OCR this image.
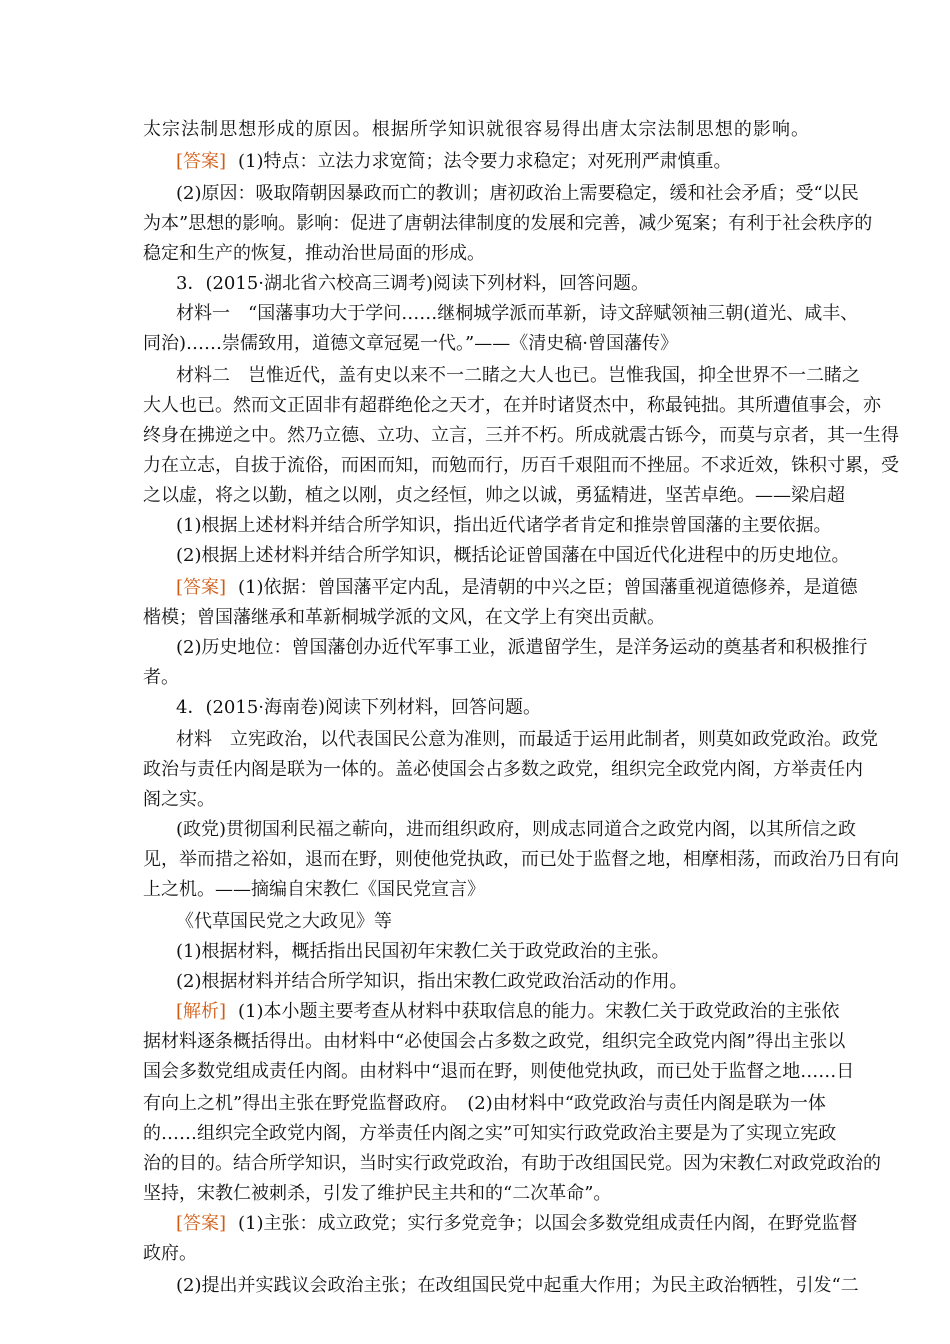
太宗法制思想形成的原因。根据所学知识就很容易得出唐太宗法制思想的影响。
[答案] (1)特点：立法力求宽简；法令要力求稳定；对死刑严肃慎重。
(2)原因：吸取隋朝因暴政而亡的教训；唐初政治上需要稳定，缓和社会矛盾；受“以民
为本”思想的影响。影响：促进了唐朝法律制度的发展和完善，减少冤案；有利于社会秩序的
稳定和生产的恢复，推动治世局面的形成。
3．(2015·湖北省六校高三调考)阅读下列材料，回答问题。
材料一　“国藩事功大于学问……继桐城学派而革新，诗文辞赋领袖三朝(道光、咸丰、
同治)……崇儒致用，道德文章冠冕一代。”——《清史稿·曾国藩传》
材料二　岂惟近代，盖有史以来不一二睹之大人也已。岂惟我国，抑全世界不一二睹之
大人也已。然而文正固非有超群绝伦之天才，在并时诸贤杰中，称最钝拙。其所遭值事会，亦
终身在拂逆之中。然乃立德、立功、立言，三并不朽。所成就震古铄今，而莫与京者，其一生得
力在立志，自拔于流俗，而困而知，而勉而行，历百千艰阻而不挫屈。不求近效，铢积寸累，受
之以虚，将之以勤，植之以刚，贞之经恒，帅之以诚，勇猛精进，坚苦卓绝。——梁启超
(1)根据上述材料并结合所学知识，指出近代诸学者肯定和推崇曾国藩的主要依据。
(2)根据上述材料并结合所学知识，概括论证曾国藩在中国近代化进程中的历史地位。
[答案] (1)依据：曾国藩平定内乱，是清朝的中兴之臣；曾国藩重视道德修养，是道德
楷模；曾国藩继承和革新桐城学派的文风，在文学上有突出贡献。
(2)历史地位：曾国藩创办近代军事工业，派遣留学生，是洋务运动的奠基者和积极推行
者。
4．(2015·海南卷)阅读下列材料，回答问题。
材料　立宪政治，以代表国民公意为准则，而最适于运用此制者，则莫如政党政治。政党
政治与责任内阁是联为一体的。盖必使国会占多数之政党，组织完全政党内阁，方举责任内
阁之实。
(政党)贯彻国利民福之蕲向，进而组织政府，则成志同道合之政党内阁，以其所信之政
见，举而措之裕如，退而在野，则使他党执政，而已处于监督之地，相摩相荡，而政治乃日有向
上之机。——摘编自宋教仁《国民党宣言》
《代草国民党之大政见》等
(1)根据材料，概括指出民国初年宋教仁关于政党政治的主张。
(2)根据材料并结合所学知识，指出宋教仁政党政治活动的作用。
[解析] (1)本小题主要考查从材料中获取信息的能力。宋教仁关于政党政治的主张依
据材料逐条概括得出。由材料中“必使国会占多数之政党，组织完全政党内阁”得出主张以
国会多数党组成责任内阁。由材料中“退而在野，则使他党执政，而已处于监督之地……日
有向上之机”得出主张在野党监督政府。　(2)由材料中“政党政治与责任内阁是联为一体
的……组织完全政党内阁，方举责任内阁之实”可知实行政党政治主要是为了实现立宪政
治的目的。结合所学知识，当时实行政党政治，有助于改组国民党。因为宋教仁对政党政治的
坚持，宋教仁被刺杀，引发了维护民主共和的“二次革命”。
[答案] (1)主张：成立政党；实行多党竞争；以国会多数党组成责任内阁，在野党监督
政府。
(2)提出并实践议会政治主张；在改组国民党中起重大作用；为民主政治牺牲，引发“二
